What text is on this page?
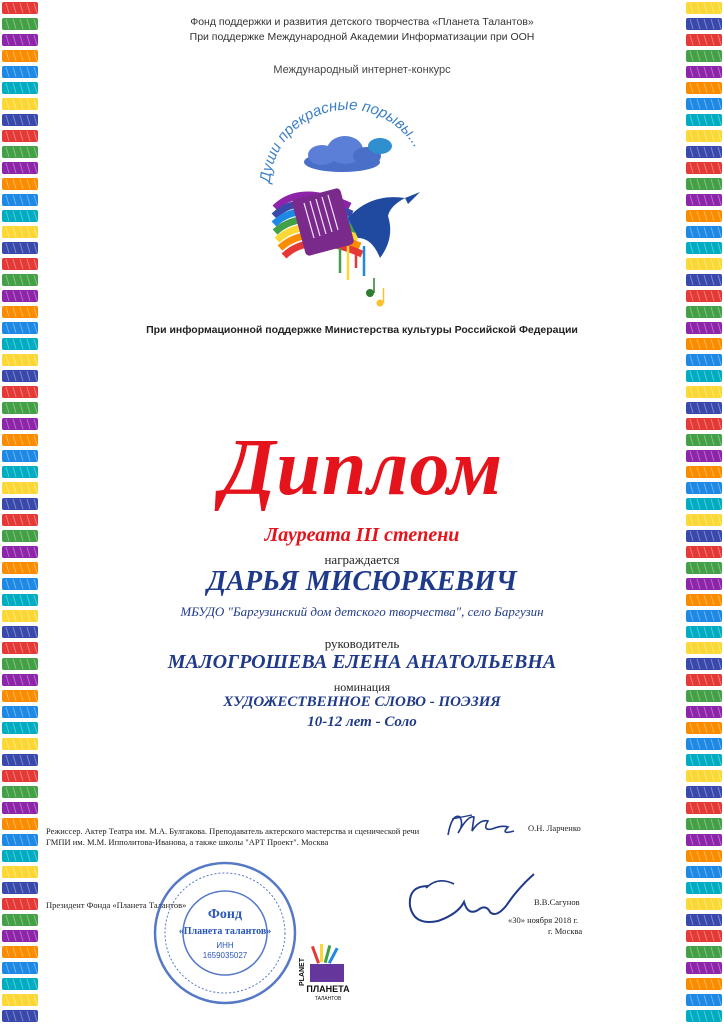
Фонд поддержки и развития детского творчества «Планета Талантов»
При поддержке Международной Академии Информатизации при ООН
Международный интернет-конкурс
Души прекрасные порывы...
При информационной поддержке Министерства культуры Российской Федерации
Диплом
Лауреата III степени
награждается
ДАРЬЯ МИСЮРКЕВИЧ
МБУДО "Баргузинский дом детского творчества", село Баргузин
руководитель
МАЛОГРОШЕВА ЕЛЕНА АНАТОЛЬЕВНА
номинация
ХУДОЖЕСТВЕННОЕ СЛОВО - ПОЭЗИЯ
10-12 лет - Соло
Режиссер. Актер Театра им. М.А. Булгакова. Преподаватель актерского мастерства и сценической речи
ГМПИ им. М.М. Ипполитова-Иванова, а также школы "АРТ Проект". Москва
О.Н. Ларченко
Президент Фонда «Планета Талантов»	В.В.Сагунов
«30» ноября 2018 г.
г. Москва
Фонд
«Планета талантов»
ИНН
1659035027
PLANET
ПЛАНЕТА
ТАЛАНТОВ
